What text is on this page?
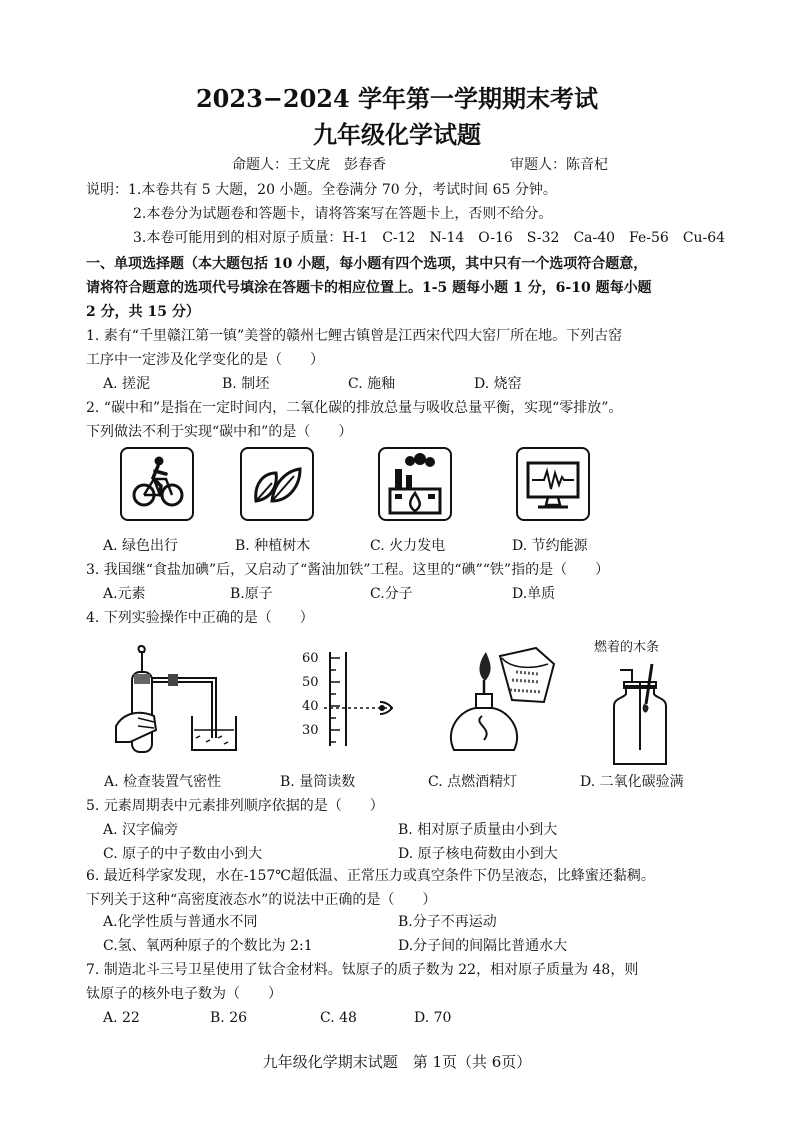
2023−2024 学年第一学期期末考试
九年级化学试题
命题人：王文虎　彭春香	审题人：陈音杞
说明：1.本卷共有 5 大题，20 小题。全卷满分 70 分，考试时间 65 分钟。
2.本卷分为试题卷和答题卡，请将答案写在答题卡上，否则不给分。
3.本卷可能用到的相对原子质量：H-1　C-12　N-14　O-16　S-32　Ca-40　Fe-56　Cu-64
一、单项选择题（本大题包括 10 小题，每小题有四个选项，其中只有一个选项符合题意，
请将符合题意的选项代号填涂在答题卡的相应位置上。1-5 题每小题 1 分，6-10 题每小题
2 分，共 15 分）
1. 素有“千里赣江第一镇”美誉的赣州七鲤古镇曾是江西宋代四大窑厂所在地。下列古窑
工序中一定涉及化学变化的是（　　）
A. 搓泥	B. 制坯	C. 施釉	D. 烧窑
2. “碳中和”是指在一定时间内，二氧化碳的排放总量与吸收总量平衡，实现“零排放”。
下列做法不利于实现“碳中和”的是（　　）
A. 绿色出行	B. 种植树木	C. 火力发电	D. 节约能源
3. 我国继“食盐加碘”后，又启动了“酱油加铁”工程。这里的“碘”“铁”指的是（　　）
A.元素	B.原子	C.分子	D.单质
4. 下列实验操作中正确的是（　　）
60
50
40
30
燃着的木条
A. 检查装置气密性	B. 量筒读数	C. 点燃酒精灯	D. 二氧化碳验满
5. 元素周期表中元素排列顺序依据的是（　　）
A. 汉字偏旁	B. 相对原子质量由小到大
C. 原子的中子数由小到大	D. 原子核电荷数由小到大
6. 最近科学家发现，水在-157℃超低温、正常压力或真空条件下仍呈液态，比蜂蜜还黏稠。
下列关于这种“高密度液态水”的说法中正确的是（　　）
A.化学性质与普通水不同	B.分子不再运动
C.氢、氧两种原子的个数比为 2:1	D.分子间的间隔比普通水大
7. 制造北斗三号卫星使用了钛合金材料。钛原子的质子数为 22，相对原子质量为 48，则
钛原子的核外电子数为（　　）
A. 22	B. 26	C. 48	D. 70
九年级化学期末试题　第 1页（共 6页）
